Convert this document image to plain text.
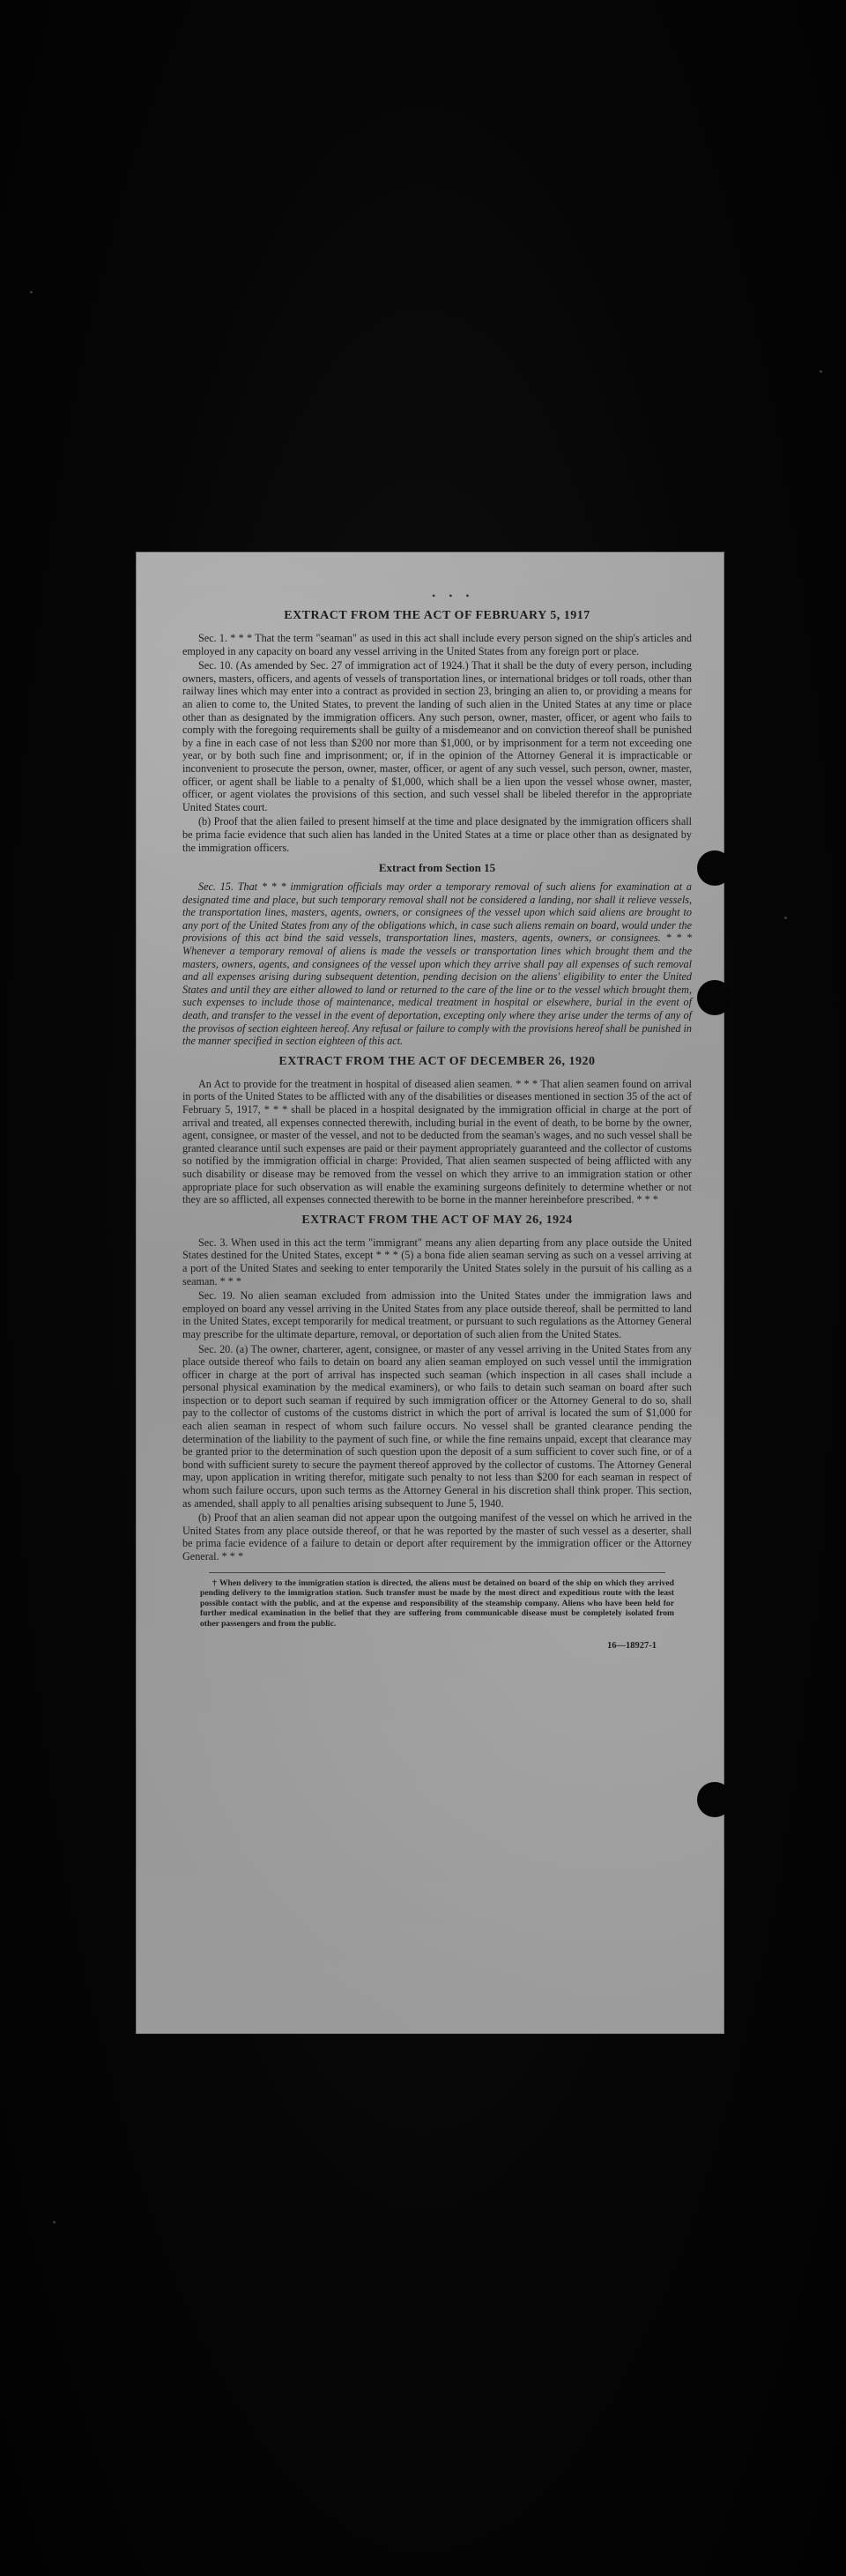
• • •
EXTRACT FROM THE ACT OF FEBRUARY 5, 1917

Sec. 1. * * * That the term "seaman" as used in this act shall include every person signed on the ship's articles and employed in any capacity on board any vessel arriving in the United States from any foreign port or place.

Sec. 10. (As amended by Sec. 27 of immigration act of 1924.) That it shall be the duty of every person, including owners, masters, officers, and agents of vessels of transportation lines, or international bridges or toll roads, other than railway lines which may enter into a contract as provided in section 23, bringing an alien to, or providing a means for an alien to come to, the United States, to prevent the landing of such alien in the United States at any time or place other than as designated by the immigration officers. Any such person, owner, master, officer, or agent who fails to comply with the foregoing requirements shall be guilty of a misdemeanor and on conviction thereof shall be punished by a fine in each case of not less than $200 nor more than $1,000, or by imprisonment for a term not exceeding one year, or by both such fine and imprisonment; or, if in the opinion of the Attorney General it is impracticable or inconvenient to prosecute the person, owner, master, officer, or agent of any such vessel, such person, owner, master, officer, or agent shall be liable to a penalty of $1,000, which shall be a lien upon the vessel whose owner, master, officer, or agent violates the provisions of this section, and such vessel shall be libeled therefor in the appropriate United States court.

(b) Proof that the alien failed to present himself at the time and place designated by the immigration officers shall be prima facie evidence that such alien has landed in the United States at a time or place other than as designated by the immigration officers.

Extract from Section 15

Sec. 15. That * * * immigration officials may order a temporary removal of such aliens for examination at a designated time and place, but such temporary removal shall not be considered a landing, nor shall it relieve vessels, the transportation lines, masters, agents, owners, or consignees of the vessel upon which said aliens are brought to any port of the United States from any of the obligations which, in case such aliens remain on board, would under the provisions of this act bind the said vessels, transportation lines, masters, agents, owners, or consignees. * * * Whenever a temporary removal of aliens is made the vessels or transportation lines which brought them and the masters, owners, agents, and consignees of the vessel upon which they arrive shall pay all expenses of such removal and all expenses arising during subsequent detention, pending decision on the aliens' eligibility to enter the United States and until they are either allowed to land or returned to the care of the line or to the vessel which brought them, such expenses to include those of maintenance, medical treatment in hospital or elsewhere, burial in the event of death, and transfer to the vessel in the event of deportation, excepting only where they arise under the terms of any of the provisos of section eighteen hereof. Any refusal or failure to comply with the provisions hereof shall be punished in the manner specified in section eighteen of this act.

EXTRACT FROM THE ACT OF DECEMBER 26, 1920

An Act to provide for the treatment in hospital of diseased alien seamen. * * * That alien seamen found on arrival in ports of the United States to be afflicted with any of the disabilities or diseases mentioned in section 35 of the act of February 5, 1917, * * * shall be placed in a hospital designated by the immigration official in charge at the port of arrival and treated, all expenses connected therewith, including burial in the event of death, to be borne by the owner, agent, consignee, or master of the vessel, and not to be deducted from the seaman's wages, and no such vessel shall be granted clearance until such expenses are paid or their payment appropriately guaranteed and the collector of customs so notified by the immigration official in charge: Provided, That alien seamen suspected of being afflicted with any such disability or disease may be removed from the vessel on which they arrive to an immigration station or other appropriate place for such observation as will enable the examining surgeons definitely to determine whether or not they are so afflicted, all expenses connected therewith to be borne in the manner hereinbefore prescribed. * * *

EXTRACT FROM THE ACT OF MAY 26, 1924

Sec. 3. When used in this act the term "immigrant" means any alien departing from any place outside the United States destined for the United States, except * * * (5) a bona fide alien seaman serving as such on a vessel arriving at a port of the United States and seeking to enter temporarily the United States solely in the pursuit of his calling as a seaman. * * *

Sec. 19. No alien seaman excluded from admission into the United States under the immigration laws and employed on board any vessel arriving in the United States from any place outside thereof, shall be permitted to land in the United States, except temporarily for medical treatment, or pursuant to such regulations as the Attorney General may prescribe for the ultimate departure, removal, or deportation of such alien from the United States.

Sec. 20. (a) The owner, charterer, agent, consignee, or master of any vessel arriving in the United States from any place outside thereof who fails to detain on board any alien seaman employed on such vessel until the immigration officer in charge at the port of arrival has inspected such seaman (which inspection in all cases shall include a personal physical examination by the medical examiners), or who fails to detain such seaman on board after such inspection or to deport such seaman if required by such immigration officer or the Attorney General to do so, shall pay to the collector of customs of the customs district in which the port of arrival is located the sum of $1,000 for each alien seaman in respect of whom such failure occurs. No vessel shall be granted clearance pending the determination of the liability to the payment of such fine, or while the fine remains unpaid, except that clearance may be granted prior to the determination of such question upon the deposit of a sum sufficient to cover such fine, or of a bond with sufficient surety to secure the payment thereof approved by the collector of customs. The Attorney General may, upon application in writing therefor, mitigate such penalty to not less than $200 for each seaman in respect of whom such failure occurs, upon such terms as the Attorney General in his discretion shall think proper. This section, as amended, shall apply to all penalties arising subsequent to June 5, 1940.

(b) Proof that an alien seaman did not appear upon the outgoing manifest of the vessel on which he arrived in the United States from any place outside thereof, or that he was reported by the master of such vessel as a deserter, shall be prima facie evidence of a failure to detain or deport after requirement by the immigration officer or the Attorney General. * * *

† When delivery to the immigration station is directed, the aliens must be detained on board of the ship on which they arrived pending delivery to the immigration station. Such transfer must be made by the most direct and expeditious route with the least possible contact with the public, and at the expense and responsibility of the steamship company. Aliens who have been held for further medical examination in the belief that they are suffering from communicable disease must be completely isolated from other passengers and from the public.

16—18927-1
